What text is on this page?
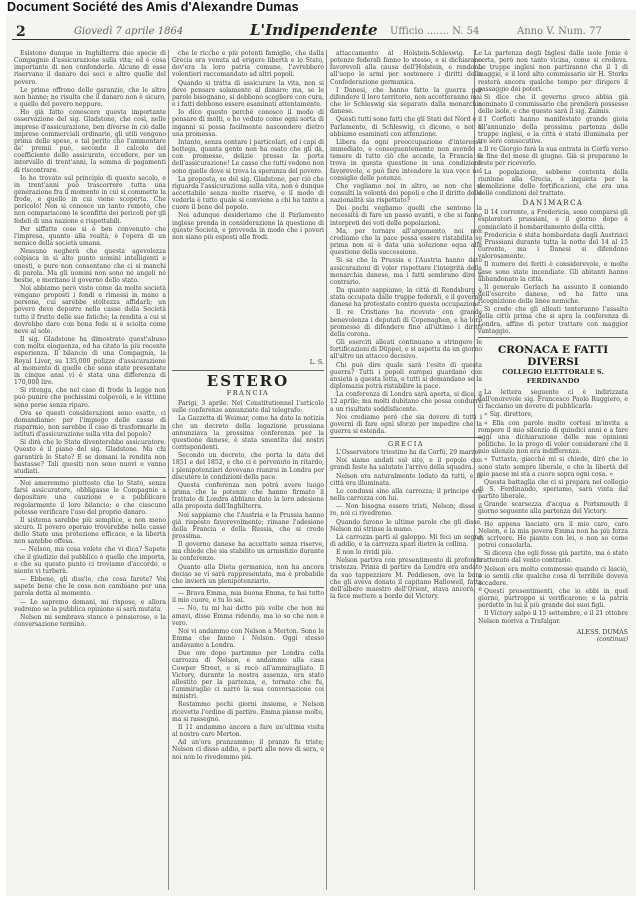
Document Société des Amis d'Alexandre Dumas
2	Giovedì 7 aprile 1864	L'Indipendente Ufficio ....... N. 54	Anno V. Num. 77

Esistono dunque in Inghilterra due specie di Compagnie d'assicurazione sulla vita; ed è cosa importante di non confonderle. Alcune di esse riservano il danaro dei soci e altre quelle del povero.

Le prime offrono delle garanzie, che le altre non hanno; ne risulta che il danaro non è sicuro, e quello del povero neppure.

Ho già fatto conoscere questa importante osservazione del sig. Gladstone, che così, nelle imprese d'assicurazione, ben diverse in ciò dalle imprese commerciali ordinarie, gli utili vengono prima delle spese, e tal perito che l'ammontare de' premii può, secondo il calcolo del coefficiente dello assicurato, eccedere, per un intervallo di trent'anni, la somma di pagamenti di riscontrare.

Io ho trovato sul principio di questo secolo, e in trent'anni può trascorrere tutta una generazione fra il momento in cui si commette la frode, e quello in cui viene scoperta. Che pericolo! Non si conosce un tanto remoto, che non compariscono le sconfitte dei pericoli per gli fedeli di una nazione e rispettabili.

Per siffatte cose si è ben convenuto che l'impresa, quanto alla realtà, è l'opera di un nemico della società umana.

Nessuno negherà che questa agevolezza colpisca in sì alto punto uomini intelligenti e onesti, e pure non consentano che ci si manchi di parola. Ma gli uomini non sono né angeli né bestie, e meritano il governo dello stato.

Noi abbiamo però visto come da molte società vengano proposti i fondi e rimessi in mano a persone, cui sarebbe stoltezza affidarli; un povero deve deporre nelle casse della Società tutto il frutto delle sue fatiche; la rendita a cui si dovrebbe dare con bona fede si è sciolta come neve al sole.

Il sig. Gladstone ha dimostrato quest'abuso con molta eloquenza, ed ha citato la più recente esperienza. Il bilancio di una Compagnia, la Royal Liver, su 135,000 polizze d'assicurazione al momento di quelle che sono state presentate in cinque anni vi è stata una differenza di 170,000 lire.

Si ritenga, che nel caso di frode la legge non può punire che pochissimi colpevoli, e le vittime sono perse senza riparo.

Ora se questi considerazioni sono esatte, ci domandiamo: per l'impiego delle casse di risparmio, non sarebbe il caso di trasformarle in istituti d'assicurazione sulla vita del popolo?

Si dirà che lo Stato diventerebbe assicuratore. Questo è il piano del sig. Gladstone. Ma chi garantirà lo Stato? E se domani la rendita non bastasse? Tali quesiti non sono nuovi e vanno studiati.

Noi ameremmo piuttosto che lo Stato, senza farsi assicuratore, obbligasse le Compagnie a depositare una cauzione e a pubblicare regolarmente il loro bilancio; e che ciascuno potesse verificare l'uso del proprio danaro.

Il sistema sarebbe più semplice, e non meno sicuro. Il povero operaio troverebbe nelle casse dello Stato una protezione efficace, e la libertà non sarebbe offesa.

— Nelson, ma cosa volete che vi dica? Sapete che il giudizio del pubblico è quello che importa, e che su questo punto ci troviamo d'accordo, e niente vi turberà.

— Ebbene, gli diss'io, che cosa farete? Voi sapete bene che le cose non cambiano per una parola detta al momento.

— Lo sapremo domani, mi rispose, e allora vedremo se la pubblica opinione si sarà mutata.

Nelson mi sembrava stanco e pensieroso, e la conversazione terminò.

che le ricche e più potenti famiglie, che dalla Grecia era venuta ad erigere libertà e lo Stato, dov'era la loro patria comune, l'avrebbero volentieri raccomandato ad altri popoli.

Quando si tratta di assicurare la vita, non si deve pensare solamente al danaro; ma, se le parole bisognano, si debbono scegliere con cura, e i fatti debbono essere esaminati attentamente.

Io dico questo perché conosco il modo di pensare di molti, e ho veduto come ogni sorta di inganni si possa facilmente nascondere dietro una promessa.

Intanto, senza contare i particolari, ed i capi di bottega, quanta gente non ha osato che gli dà, con promesse, delizie presso la porta dell'assicurazione! Le casse che tutti vedono non sono quelle dove si trova la speranza del povero.

La proposta, se del sig. Gladstone, per ciò che riguarda l'assicurazione sulla vita, non è dunque accettabile senza molte riserve, e il modo di vederla è tutto quale si conviene a chi ha tanto a cuore il bene del popolo.

Noi adunque desideriamo che il Parlamento inglese prenda in considerazione la questione di queste Società, e provveda in modo che i poveri non siano più esposti alle frodi.

L. S.
ESTERO
FRANCIA

Parigi, 3 aprile. Nel Constitutionnel l'articolo sulle conferenze annunziate dal telegrafo:

La Gazzetta di Weimar, come ha dato la notizia che un decreto della legazione prussiana annunziava la prossima conferenza per la questione danese, è stata smentita dai nostri corrispondenti.

Secondo un decreto, che porta la data del 1851 e del 1852, e che ci è pervenuto in ritardo, i plenipotenziari dovevano riunirsi in Londra per discutere le condizioni della pace.

Questa conferenza non potrà avere luogo prima che le potenze che hanno firmato il trattato di Londra abbiano dato la loro adesione alla proposta dell'Inghilterra.

Noi sappiamo che l'Austria e la Prussia hanno già risposto favorevolmente; rimane l'adesione della Francia e della Russia, che si crede prossima.

Il governo danese ha accettato senza riserve, ma chiede che sia stabilito un armistizio durante le conferenze.

Quanto alla Dieta germanica, non ha ancora deciso se vi sarà rappresentata, ma è probabile che invierà un plenipotenziario.

— Brava Emma, mia buona Emma, tu hai tutto il mio cuore, e tu lo sai.

— No, tu mi hai detto più volte che non mi amavi, disse Emma ridendo, ma io so che non è vero.

Noi vi andammo con Nelson a Merton. Sono le Emma che fanno i Nelson. Oggi stesso andavamo a Londra.

Due ore dopo partimmo per Londra colla carrozza di Nelson, e andammo alla casa Cowper Street, e si recò all'ammiragliato. Il Victory, durante la nostra assenza, era stato allestito per la partenza, e, tornato che fu, l'ammiraglio ci narrò la sua conversazione coi ministri.

Restammo pochi giorni insieme, e Nelson ricevette l'ordine di partire. Emma pianse molto, ma si rassegnò.

Il 11 andammo ancora a fare un'ultima visita al nostro caro Merton.

Ad un'ora pranzammo; il pranzo fu triste; Nelson ci disse addio, e partì alle nove di sera, e noi non lo rivedemmo più.

attaccamento al Holstein-Schleswig. Le potenze federali fanno lo stesso, e si dichiarano favorevoli alla causa dell'Holstein, e rendono all'uopo le armi per sostenere i diritti della Confederazione germanica.

I Danesi, che hanno fatto la guerra per difendere il loro territorio, non accetteranno mai che lo Schleswig sia separato dalla monarchia danese.

Questi tutti sono fatti che gli Stati del Nord e il Parlamento, di Schleswig, ci dicono, e noi li abbiamo esaminati con attenzione.

Libera da ogni preoccupazione d'interesse immediato, e conseguentemente non avendo a temere di tutto ciò che accade, la Francia si trova in questa questione in una condizione favorevole, e può fare intendere la sua voce nel consiglio delle potenze.

Che vogliamo noi in altro, se non che si consulti la volontà dei popoli e che il diritto delle nazionalità sia rispettato?

Dei pochi vegliamo quelli che sentono la necessità di fare un passo avanti, e che si fanno interpreti dei voti delle popolazioni.

Ma, per tornare all'argomento, noi non crediamo che la pace possa essere ristabilita se prima non si è data una soluzione equa alla questione della successione.

Si sa che la Prussia e l'Austria hanno dato assicurazioni di voler rispettare l'integrità della monarchia danese, ma i fatti sembrano dire il contrario.

Da quanto sappiamo, la città di Rendsburg è stata occupata dalle truppe federali, e il governo danese ha protestato contro questa occupazione.

Il re Cristiano ha ricevuto con grande benevolenza i deputati di Copenaghen, e ha loro promesso di difendere fino all'ultimo i diritti della corona.

Gli eserciti alleati continuano a stringere le fortificazioni di Düppel, e si aspetta da un giorno all'altro un attacco decisivo.

Chi può dire quale sarà l'esito di questa guerra? Tutti i popoli europei guardano con ansietà a questa lotta, e tutti si domandano se la diplomazia potrà ristabilire la pace.

La conferenza di Londra sarà aperta, si dice, il 12 aprile; ma molti dubitano che possa condurre a un risultato soddisfacente.

Noi crediamo però che sia dovere di tutti i governi di fare ogni sforzo per impedire che la guerra si estenda.

GRECIA

L'Osservatore triestino ha da Corfù, 29 marzo:

Noi siamo andati sul sito, e il popolo con grandi feste ha salutato l'arrivo della squadra.

Nelson era naturalmente lodato da tutti, e la città era illuminata.

Lo condussi sino alla carrozza; il principe era nella carrozza con lui.

— Non bisogna essere tristi, Nelson; disse il re, noi ci rivedremo.

Quando furono le ultime parole che gli disse, Nelson mi strinse la mano.

La carrozza partì al galoppo. Mi feci un segno di addio, e la carrozza sparì dietro la collina.

E non lo rividi più.

Nelson partiva con presentimento di profonda tristezza. Prima di partire da Londra era andato da suo tappezziere M. Peddieson, ove la bara che gli aveva donato il capitano Hallowell, fatta dell'albero maestro dell'Orient, stava ancora, e la fece mettere a bordo del Victory.

La partenza degli Inglesi dalle isole Jonie è certa, però non tanto vicina, come si credeva. Le truppe inglesi non partiranno che il 1 di maggio, e il lord alto commissario sir H. Storks resterà ancora qualche tempo per dirigere il passaggio dei poteri.

Si dice che il governo greco abbia già nominato il commissario che prenderà possesso delle isole, e che questo sarà il sig. Zaimis.

I Corfioti hanno manifestato grande gioia all'annunzio della prossima partenza delle truppe inglesi, e la città è stata illuminata per tre sere consecutive.

Il re Giorgio farà la sua entrata in Corfù verso la fine del mese di giugno. Già si preparano le feste per riceverlo.

La popolazione, sebbene contenta della riunione alla Grecia, è inquieta per la demolizione delle fortificazioni, che era una delle condizioni del trattato.

DANIMARCA

Il 14 corrente, a Fredericia, sono comparsi gli esploratori prussiani, e il giorno dopo è cominciato il bombardamento della città.

Fredericia è stata bombardata dagli Austriaci e Prussiani durante tutta la notte del 14 al 15 corrente, ma i Danesi si difendono valorosamente.

Il numero dei feriti è considerevole, e molte case sono state incendiate. Gli abitanti hanno abbandonato la città.

Il generale Gerlach ha assunto il comando dell'esercito danese, ed ha fatto una ricognizione delle linee nemiche.

Si crede che gli alleati tenteranno l'assalto della città prima che si apra la conferenza di Londra, affine di poter trattare con maggior vantaggio.

CRONACA E FATTI DIVERSI
COLLEGIO ELETTORALE S. FERDINANDO

La lettera seguente ci è indirizzata dall'onorevole sig. Francesco Paolo Ruggiero, e ci facciamo un dovere di pubblicarla:

« Sig. direttore,

« Ella con parole molto cortesi m'invita a rompere il mio silenzio di quindici anni e a fare oggi una dichiarazione delle mie opinioni politiche. Io la prego di voler considerare che il mio silenzio non era indifferenza.

« Tuttavia, giacché mi si chiede, dirò che io sono stato sempre liberale, e che la libertà del mio paese mi sta a cuore sopra ogni cosa. »

Questa battaglia che ci si prepara nel collegio di S. Ferdinando, speriamo, sarà vinta dal partito liberale.

Grande scarsezza d'acqua a Portsmouth il giorno seguente alla partenza del Victory.

Ho appena lasciato ora il mio caro, caro Nelson, e la mia povera Emma non ha più forza di scrivere. Ho pianto con lei, e non so come potrei consolarla.

Si diceva che egli fosse già partito, ma è stato trattenuto dal vento contrario.

Nelson era molto commosso quando ci lasciò, e io sentii che qualche cosa di terribile doveva accadere.

Questi presentimenti, che io ebbi in quel giorno, purtroppo si verificarono; e la patria perdette in lui il più grande dei suoi figli.

Il Victory salpò il 15 settembre, e il 21 ottobre Nelson moriva a Trafalgar.

ALESS. DUMAS
(continua)
